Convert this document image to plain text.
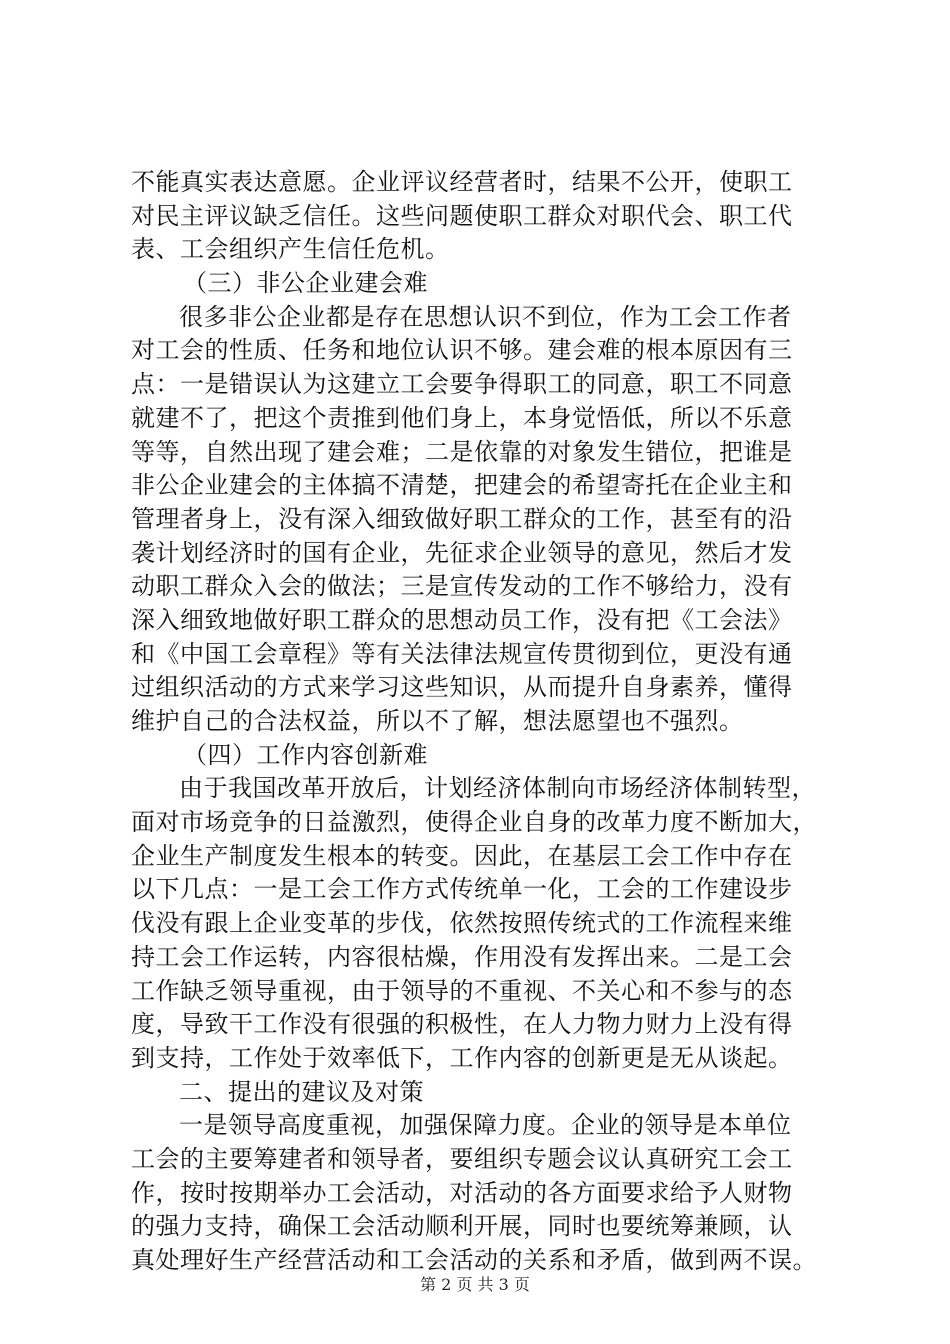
不能真实表达意愿。企业评议经营者时，结果不公开，使职工
对民主评议缺乏信任。这些问题使职工群众对职代会、职工代
表、工会组织产生信任危机。
（三）非公企业建会难
很多非公企业都是存在思想认识不到位，作为工会工作者
对工会的性质、任务和地位认识不够。建会难的根本原因有三
点：一是错误认为这建立工会要争得职工的同意，职工不同意
就建不了，把这个责推到他们身上，本身觉悟低，所以不乐意
等等，自然出现了建会难；二是依靠的对象发生错位，把谁是
非公企业建会的主体搞不清楚，把建会的希望寄托在企业主和
管理者身上，没有深入细致做好职工群众的工作，甚至有的沿
袭计划经济时的国有企业，先征求企业领导的意见，然后才发
动职工群众入会的做法；三是宣传发动的工作不够给力，没有
深入细致地做好职工群众的思想动员工作，没有把《工会法》
和《中国工会章程》等有关法律法规宣传贯彻到位，更没有通
过组织活动的方式来学习这些知识，从而提升自身素养，懂得
维护自己的合法权益，所以不了解，想法愿望也不强烈。
（四）工作内容创新难
由于我国改革开放后，计划经济体制向市场经济体制转型，
面对市场竞争的日益激烈，使得企业自身的改革力度不断加大，
企业生产制度发生根本的转变。因此，在基层工会工作中存在
以下几点：一是工会工作方式传统单一化，工会的工作建设步
伐没有跟上企业变革的步伐，依然按照传统式的工作流程来维
持工会工作运转，内容很枯燥，作用没有发挥出来。二是工会
工作缺乏领导重视，由于领导的不重视、不关心和不参与的态
度，导致干工作没有很强的积极性，在人力物力财力上没有得
到支持，工作处于效率低下，工作内容的创新更是无从谈起。
二、提出的建议及对策
一是领导高度重视，加强保障力度。企业的领导是本单位
工会的主要筹建者和领导者，要组织专题会议认真研究工会工
作，按时按期举办工会活动，对活动的各方面要求给予人财物
的强力支持，确保工会活动顺利开展，同时也要统筹兼顾，认
真处理好生产经营活动和工会活动的关系和矛盾，做到两不误。
第 2 页 共 3 页
